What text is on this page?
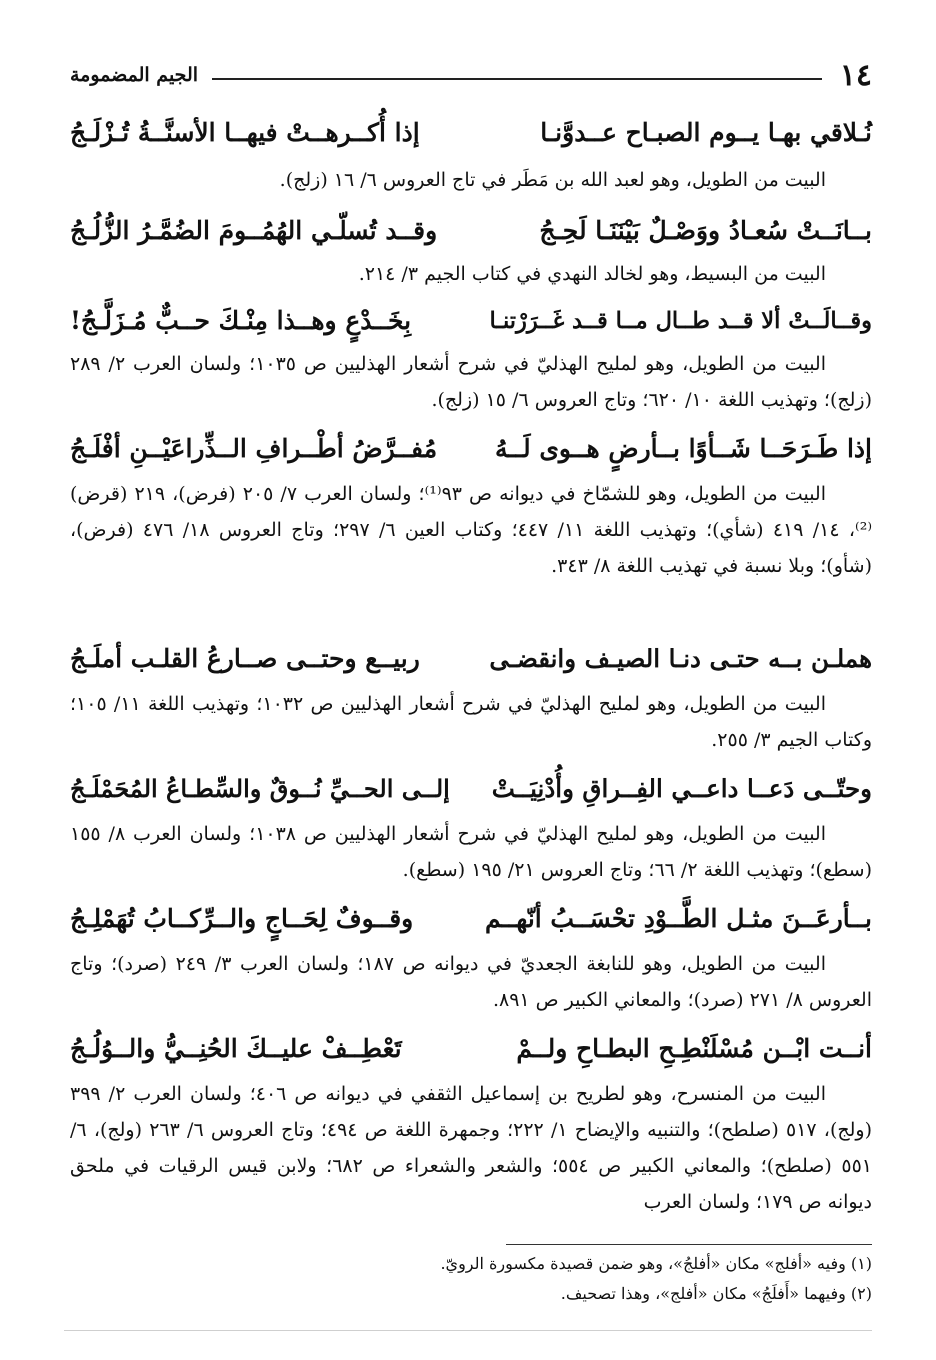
١٤
الجيم المضمومة
نُـلاقي بهـا يــوم الصبـاح عــدوَّنـا
إذا أُكــرهــتْ فيهــا الأسنَّــةُ تُـزْلَـجُ
البيت من الطويل، وهو لعبد الله بن مَطَر في تاج العروس ٦/ ١٦ (زلج).
بــانَــتْ سُعـادُ ووَصْـلٌ بَيْنَنَـا لَحِـجُ
وقــد تُسلّـي الهُمُــومَ الضُمَّـرُ الزُّلُـجُ
البيت من البسيط، وهو لخالد النهدي في كتاب الجيم ٣/ ٢١٤.
وقــالَــتْ ألا قــد طــال مــا قــد غَــرَرْتنـا
بِخَــدْعٍ وهــذا مِنْـكَ حــبٌّ مُـزَلَّـجُ!
البيت من الطويل، وهو لمليح الهذليّ في شرح أشعار الهذليين ص ١٠٣٥؛ ولسان العرب ٢/ ٢٨٩ (زلج)؛ وتهذيب اللغة ١٠/ ٦٢٠؛ وتاج العروس ٦/ ١٥ (زلج).
إذا طَـرَحَــا شَــأوًا بــأرضٍ هــوى لَــهُ
مُفــرَّضُ أطْــرافِ الــذِّراعَيْــنِ أفْلَـجُ
البيت من الطويل، وهو للشمّاخ في ديوانه ص ٩٣⁽¹⁾؛ ولسان العرب ٧/ ٢٠٥ (فرض)، ٢١٩ (قرض)⁽²⁾، ١٤/ ٤١٩ (شأي)؛ وتهذيب اللغة ١١/ ٤٤٧؛ وكتاب العين ٦/ ٢٩٧؛ وتاج العروس ١٨/ ٤٧٦ (فرض)، (شأو)؛ وبلا نسبة في تهذيب اللغة ٨/ ٣٤٣.
هملـن بــه حتـى دنـا الصيـف وانقضـى
ربيــع وحتــى صــارعُ القلـب أملَـجُ
البيت من الطويل، وهو لمليح الهذليّ في شرح أشعار الهذليين ص ١٠٣٢؛ وتهذيب اللغة ١١/ ١٠٥؛ وكتاب الجيم ٣/ ٢٥٥.
وحتّــى دَعــا داعــي الفِــراقِ وأُدْنِيَــتْ
إلــى الحــيِّ نُــوقٌ والسِّطـاعُ المُحَمْلَـجُ
البيت من الطويل، وهو لمليح الهذليّ في شرح أشعار الهذليين ص ١٠٣٨؛ ولسان العرب ٨/ ١٥٥ (سطع)؛ وتهذيب اللغة ٢/ ٦٦؛ وتاج العروس ٢١/ ١٩٥ (سطع).
بــأرعَــنَ مثـل الطَّــوْدِ تحْسَــبُ أنّهــم
وقــوفٌ لِحَــاجٍ والــرِّكــابُ تُهَمْلِـجُ
البيت من الطويل، وهو للنابغة الجعديّ في ديوانه ص ١٨٧؛ ولسان العرب ٣/ ٢٤٩ (صرد)؛ وتاج العروس ٨/ ٢٧١ (صرد)؛ والمعاني الكبير ص ٨٩١.
أنــت ابْــن مُسْلَنْطِـحِ البطـاحِ ولــمْ
تَعْطِــفْ عليــكَ الحُنِــيُّ والــوُلُـجُ
البيت من المنسرح، وهو لطريح بن إسماعيل الثقفي في ديوانه ص ٤٠٦؛ ولسان العرب ٢/ ٣٩٩ (ولج)، ٥١٧ (صلطح)؛ والتنبيه والإيضاح ١/ ٢٢٢؛ وجمهرة اللغة ص ٤٩٤؛ وتاج العروس ٦/ ٢٦٣ (ولج)، ٦/ ٥٥١ (صلطح)؛ والمعاني الكبير ص ٥٥٤؛ والشعر والشعراء ص ٦٨٢؛ ولابن قيس الرقيات في ملحق ديوانه ص ١٧٩؛ ولسان العرب
(١) وفيه «أفلج» مكان «أفلجُ»، وهو ضمن قصيدة مكسورة الرويّ.
(٢) وفيهما «أَفلَجُ» مكان «أفلج»، وهذا تصحيف.
